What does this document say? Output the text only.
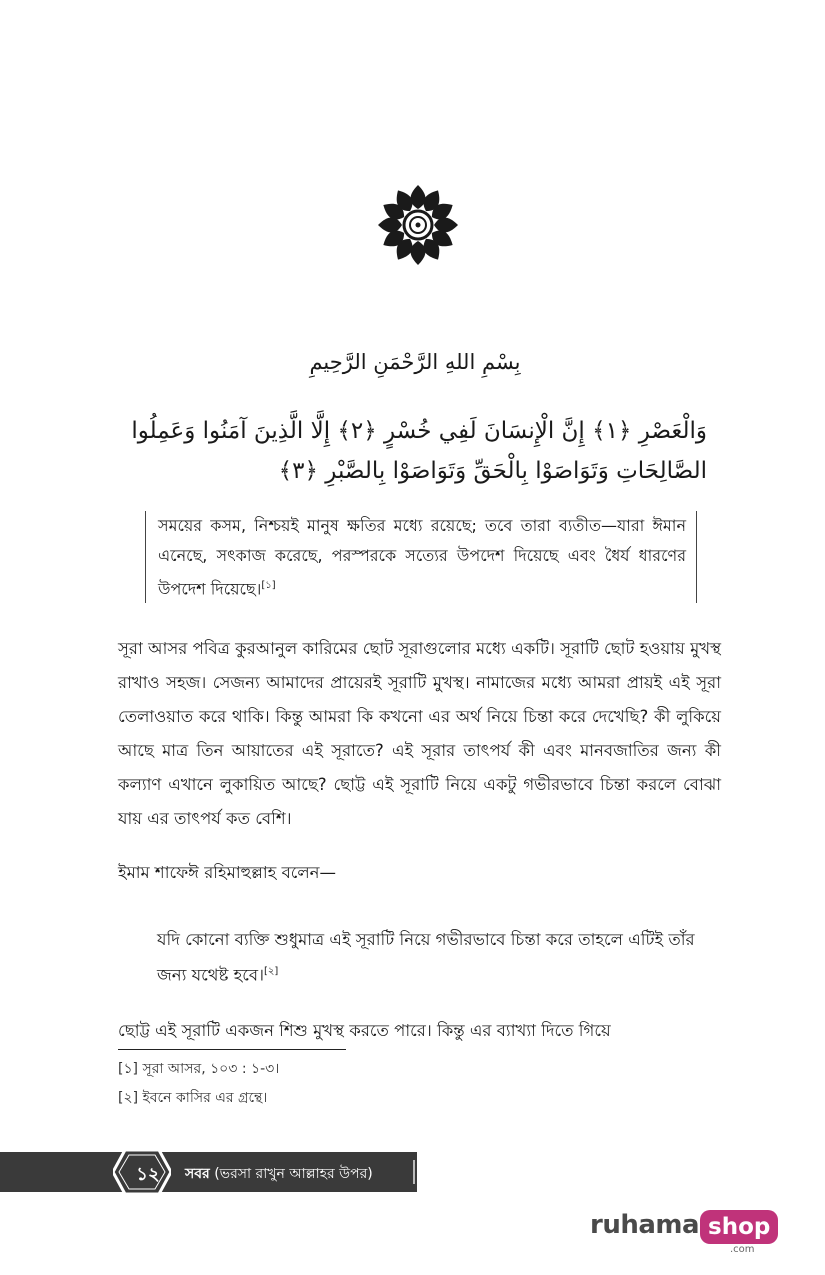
بِسْمِ اللهِ الرَّحْمَنِ الرَّحِيمِ
وَالْعَصْرِ ﴿١﴾ إِنَّ الْإِنسَانَ لَفِي خُسْرٍ ﴿٢﴾ إِلَّا الَّذِينَ آمَنُوا وَعَمِلُوا
الصَّالِحَاتِ وَتَوَاصَوْا بِالْحَقِّ وَتَوَاصَوْا بِالصَّبْرِ ﴿٣﴾
সময়ের কসম, নিশ্চয়ই মানুষ ক্ষতির মধ্যে রয়েছে; তবে তারা ব্যতীত—যারা ঈমান এনেছে, সৎকাজ করেছে, পরস্পরকে সত্যের উপদেশ দিয়েছে এবং ধৈর্য ধারণের উপদেশ দিয়েছে।[১]
সূরা আসর পবিত্র কুরআনুল কারিমের ছোট সূরাগুলোর মধ্যে একটি। সূরাটি ছোট হওয়ায় মুখস্থ রাখাও সহজ। সেজন্য আমাদের প্রায়েরই সূরাটি মুখস্থ। নামাজের মধ্যে আমরা প্রায়ই এই সূরা তেলাওয়াত করে থাকি। কিন্তু আমরা কি কখনো এর অর্থ নিয়ে চিন্তা করে দেখেছি? কী লুকিয়ে আছে মাত্র তিন আয়াতের এই সূরাতে? এই সূরার তাৎপর্য কী এবং মানবজাতির জন্য কী কল্যাণ এখানে লুকায়িত আছে? ছোট্ট এই সূরাটি নিয়ে একটু গভীরভাবে চিন্তা করলে বোঝা যায় এর তাৎপর্য কত বেশি।
ইমাম শাফেঈ রহিমাহুল্লাহ বলেন—
যদি কোনো ব্যক্তি শুধুমাত্র এই সূরাটি নিয়ে গভীরভাবে চিন্তা করে তাহলে এটিই তাঁর জন্য যথেষ্ট হবে।[২]
ছোট্ট এই সূরাটি একজন শিশু মুখস্থ করতে পারে। কিন্তু এর ব্যাখ্যা দিতে গিয়ে
[১] সূরা আসর, ১০৩ : ১-৩।
[২] ইবনে কাসির এর গ্রন্থে।
১২	সবর (ভরসা রাখুন আল্লাহর উপর)
ruhama shop
.com
